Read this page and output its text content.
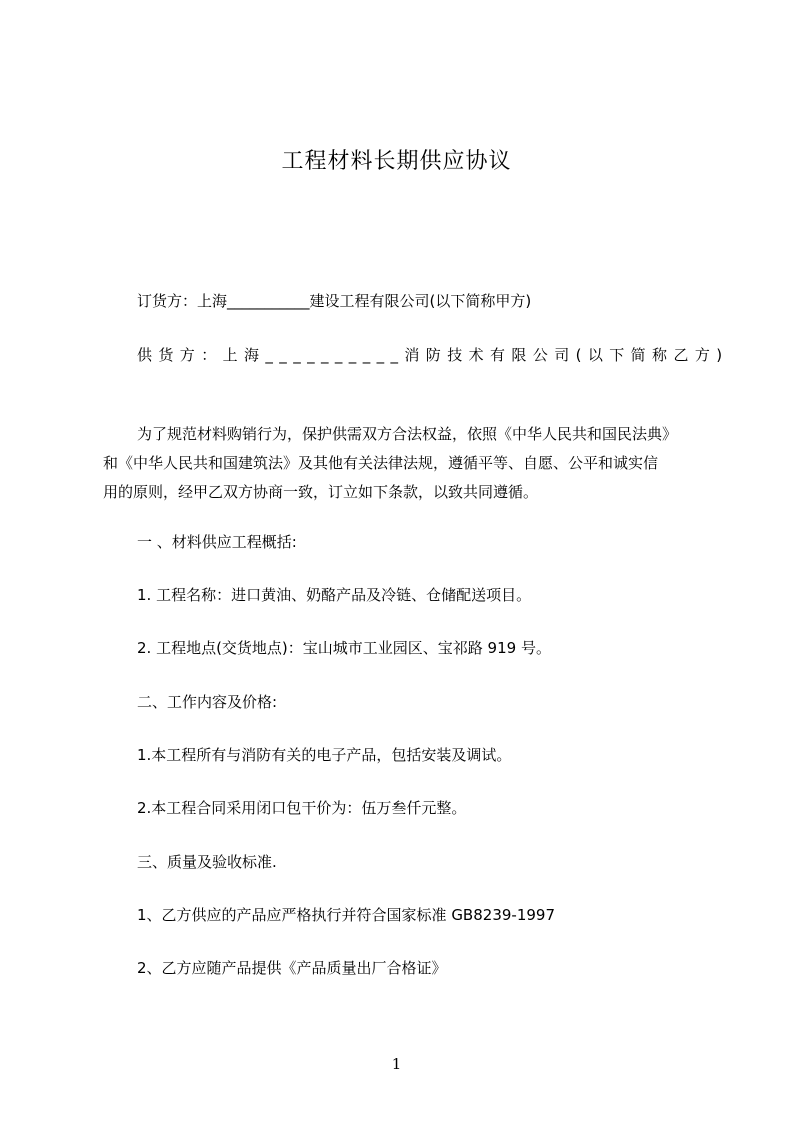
工程材料长期供应协议
订货方：上海___________建设工程有限公司(以下简称甲方)
供货方：上海__________消防技术有限公司(以下简称乙方)
为了规范材料购销行为，保护供需双方合法权益，依照《中华人民共和国民法典》
和《中华人民共和国建筑法》及其他有关法律法规，遵循平等、自愿、公平和诚实信
用的原则，经甲乙双方协商一致，订立如下条款，以致共同遵循。
一 、材料供应工程概括:
1. 工程名称：进口黄油、奶酪产品及冷链、仓储配送项目。
2. 工程地点(交货地点)：宝山城市工业园区、宝祁路 919 号。
二、工作内容及价格:
1.本工程所有与消防有关的电子产品，包括安装及调试。
2.本工程合同采用闭口包干价为：伍万叁仟元整。
三、质量及验收标准.
1、乙方供应的产品应严格执行并符合国家标准 GB8239-1997
2、乙方应随产品提供《产品质量出厂合格证》
1
